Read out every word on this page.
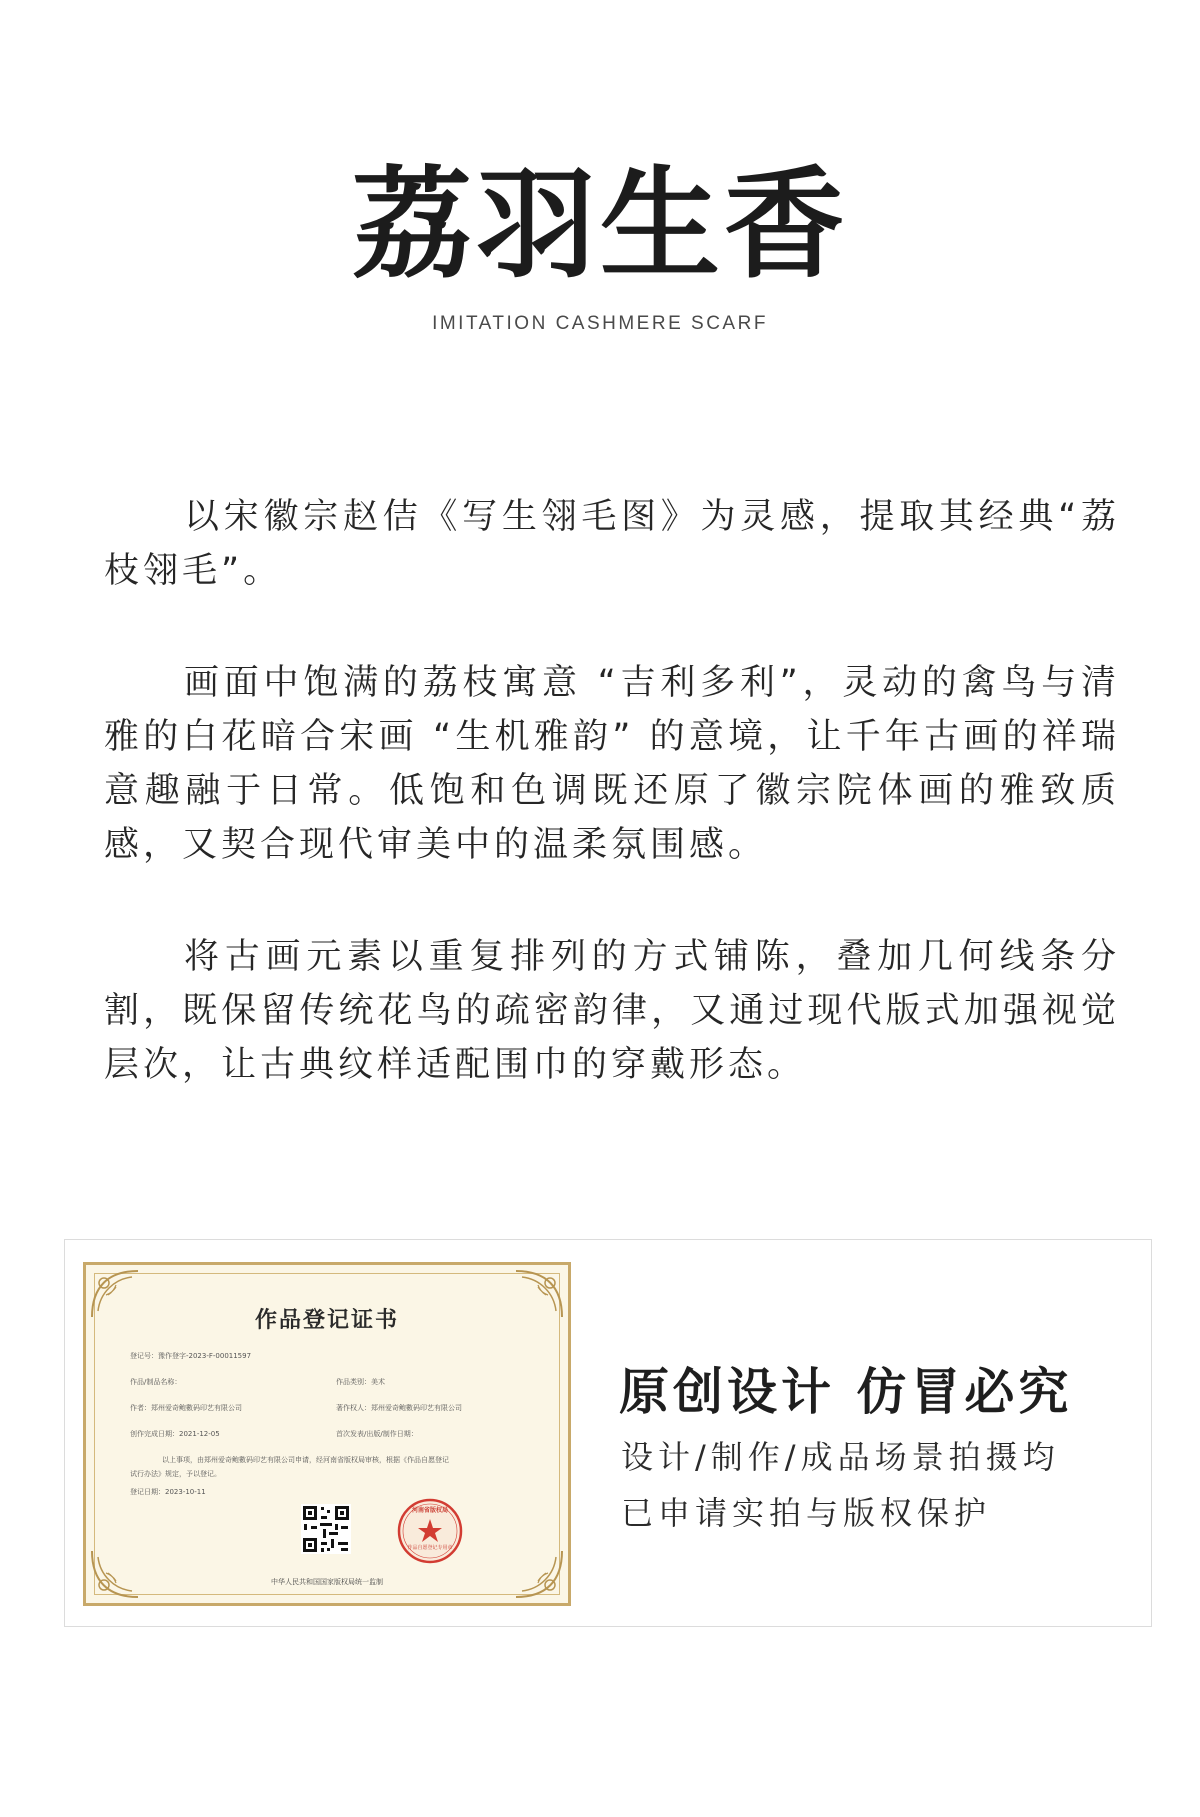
荔羽生香
IMITATION CASHMERE SCARF

以宋徽宗赵佶《写生翎毛图》为灵感，提取其经典“荔枝翎毛”。

画面中饱满的荔枝寓意 “吉利多利”，灵动的禽鸟与清雅的白花暗合宋画 “生机雅韵” 的意境，让千年古画的祥瑞意趣融于日常。低饱和色调既还原了徽宗院体画的雅致质感，又契合现代审美中的温柔氛围感。

将古画元素以重复排列的方式铺陈，叠加几何线条分割，既保留传统花鸟的疏密韵律，又通过现代版式加强视觉层次，让古典纹样适配围巾的穿戴形态。

作品登记证书
登记号：豫作登字-2023-F-00011597
作品/制品名称：	作品类别：美术
作者：郑州爱奇鲍數码印艺有限公司	著作权人：郑州爱奇鲍數码印艺有限公司
创作完成日期：2021-12-05	首次发表/出版/制作日期：
以上事项，由郑州爱奇鲍數码印艺有限公司申请，经河南省版权局审核，根据《作品自愿登记
试行办法》规定，予以登记。
登记日期：2023-10-11
河南省版权局
作品自愿登记专用章
中华人民共和国国家版权局统一监制
原创设计 仿冒必究
设计/制作/成品场景拍摄均
已申请实拍与版权保护
